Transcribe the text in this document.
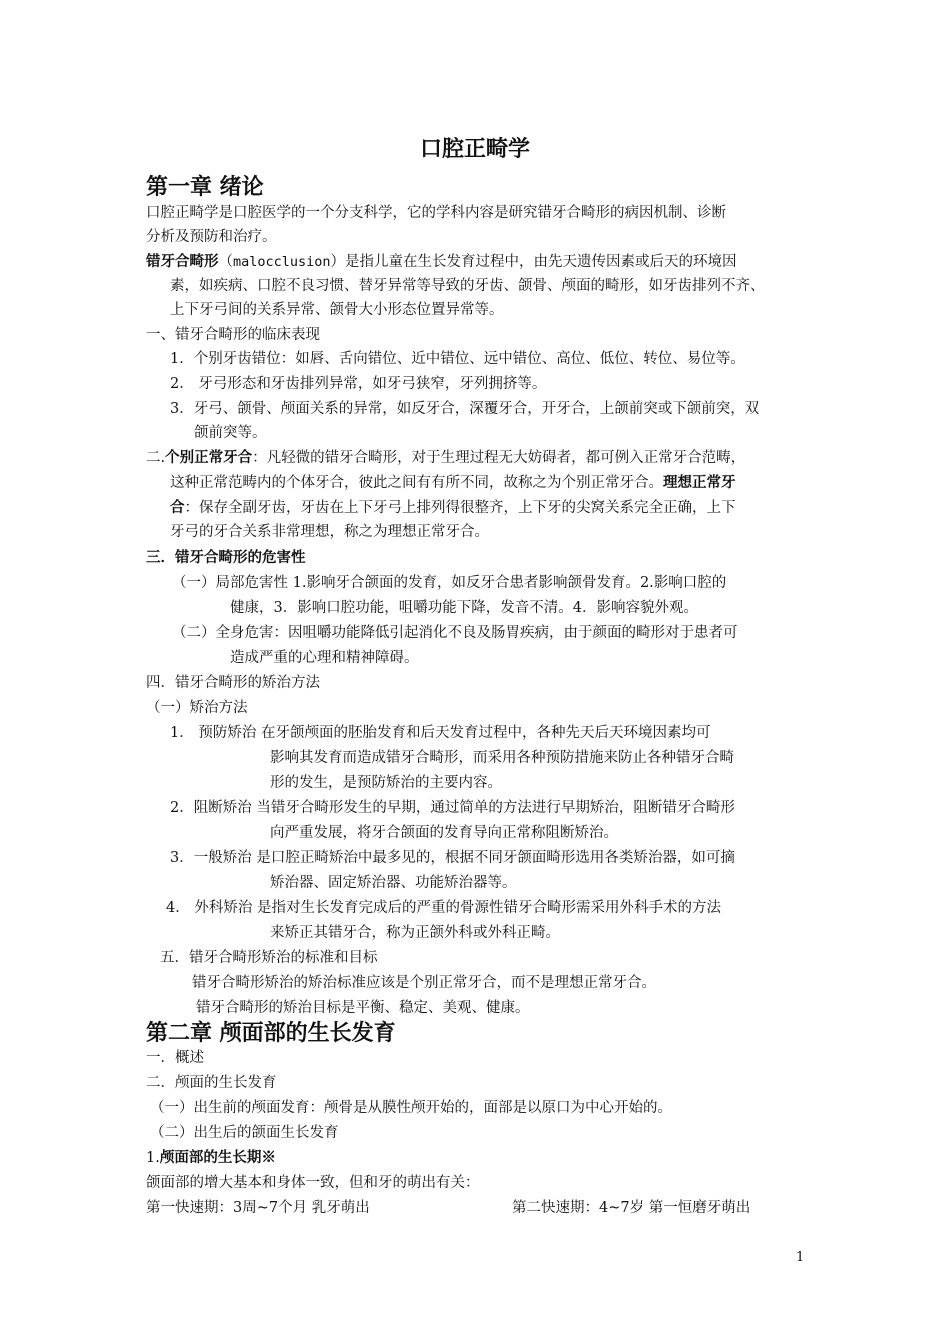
口腔正畸学
第一章 绪论
口腔正畸学是口腔医学的一个分支科学，它的学科内容是研究错牙合畸形的病因机制、诊断
分析及预防和治疗。
错牙合畸形（malocclusion）是指儿童在生长发育过程中，由先天遗传因素或后天的环境因
素，如疾病、口腔不良习惯、替牙异常等导致的牙齿、颌骨、颅面的畸形，如牙齿排列不齐、
上下牙弓间的关系异常、颌骨大小形态位置异常等。
一、错牙合畸形的临床表现
1．个别牙齿错位：如唇、舌向错位、近中错位、远中错位、高位、低位、转位、易位等。
2． 牙弓形态和牙齿排列异常，如牙弓狭窄，牙列拥挤等。
3．牙弓、颌骨、颅面关系的异常，如反牙合，深覆牙合，开牙合，上颌前突或下颌前突，双
颌前突等。
二.个别正常牙合：凡轻微的错牙合畸形，对于生理过程无大妨碍者，都可例入正常牙合范畴，
这种正常范畴内的个体牙合，彼此之间有有所不同，故称之为个别正常牙合。理想正常牙
合：保存全副牙齿，牙齿在上下牙弓上排列得很整齐，上下牙的尖窝关系完全正确，上下
牙弓的牙合关系非常理想，称之为理想正常牙合。
三．错牙合畸形的危害性
（一）局部危害性 1.影响牙合颌面的发育，如反牙合患者影响颌骨发育。2.影响口腔的
健康，3．影响口腔功能，咀嚼功能下降，发音不清。4．影响容貌外观。
（二）全身危害：因咀嚼功能降低引起消化不良及肠胃疾病，由于颜面的畸形对于患者可
造成严重的心理和精神障碍。
四．错牙合畸形的矫治方法
（一）矫治方法
1． 预防矫治 在牙颌颅面的胚胎发育和后天发育过程中，各种先天后天环境因素均可
影响其发育而造成错牙合畸形，而采用各种预防措施来防止各种错牙合畸
形的发生，是预防矫治的主要内容。
2．阻断矫治 当错牙合畸形发生的早期，通过简单的方法进行早期矫治，阻断错牙合畸形
向严重发展，将牙合颌面的发育导向正常称阻断矫治。
3．一般矫治 是口腔正畸矫治中最多见的，根据不同牙颌面畸形选用各类矫治器，如可摘
矫治器、固定矫治器、功能矫治器等。
4． 外科矫治 是指对生长发育完成后的严重的骨源性错牙合畸形需采用外科手术的方法
来矫正其错牙合，称为正颌外科或外科正畸。
五．错牙合畸形矫治的标准和目标
错牙合畸形矫治的矫治标准应该是个别正常牙合，而不是理想正常牙合。
错牙合畸形的矫治目标是平衡、稳定、美观、健康。
第二章 颅面部的生长发育
一．概述
二．颅面的生长发育
（一）出生前的颅面发育：颅骨是从膜性颅开始的，面部是以原口为中心开始的。
（二）出生后的颌面生长发育
1.颅面部的生长期※
颌面部的增大基本和身体一致，但和牙的萌出有关：
第一快速期：3周~7个月 乳牙萌出	第二快速期：4~7岁 第一恒磨牙萌出
1
